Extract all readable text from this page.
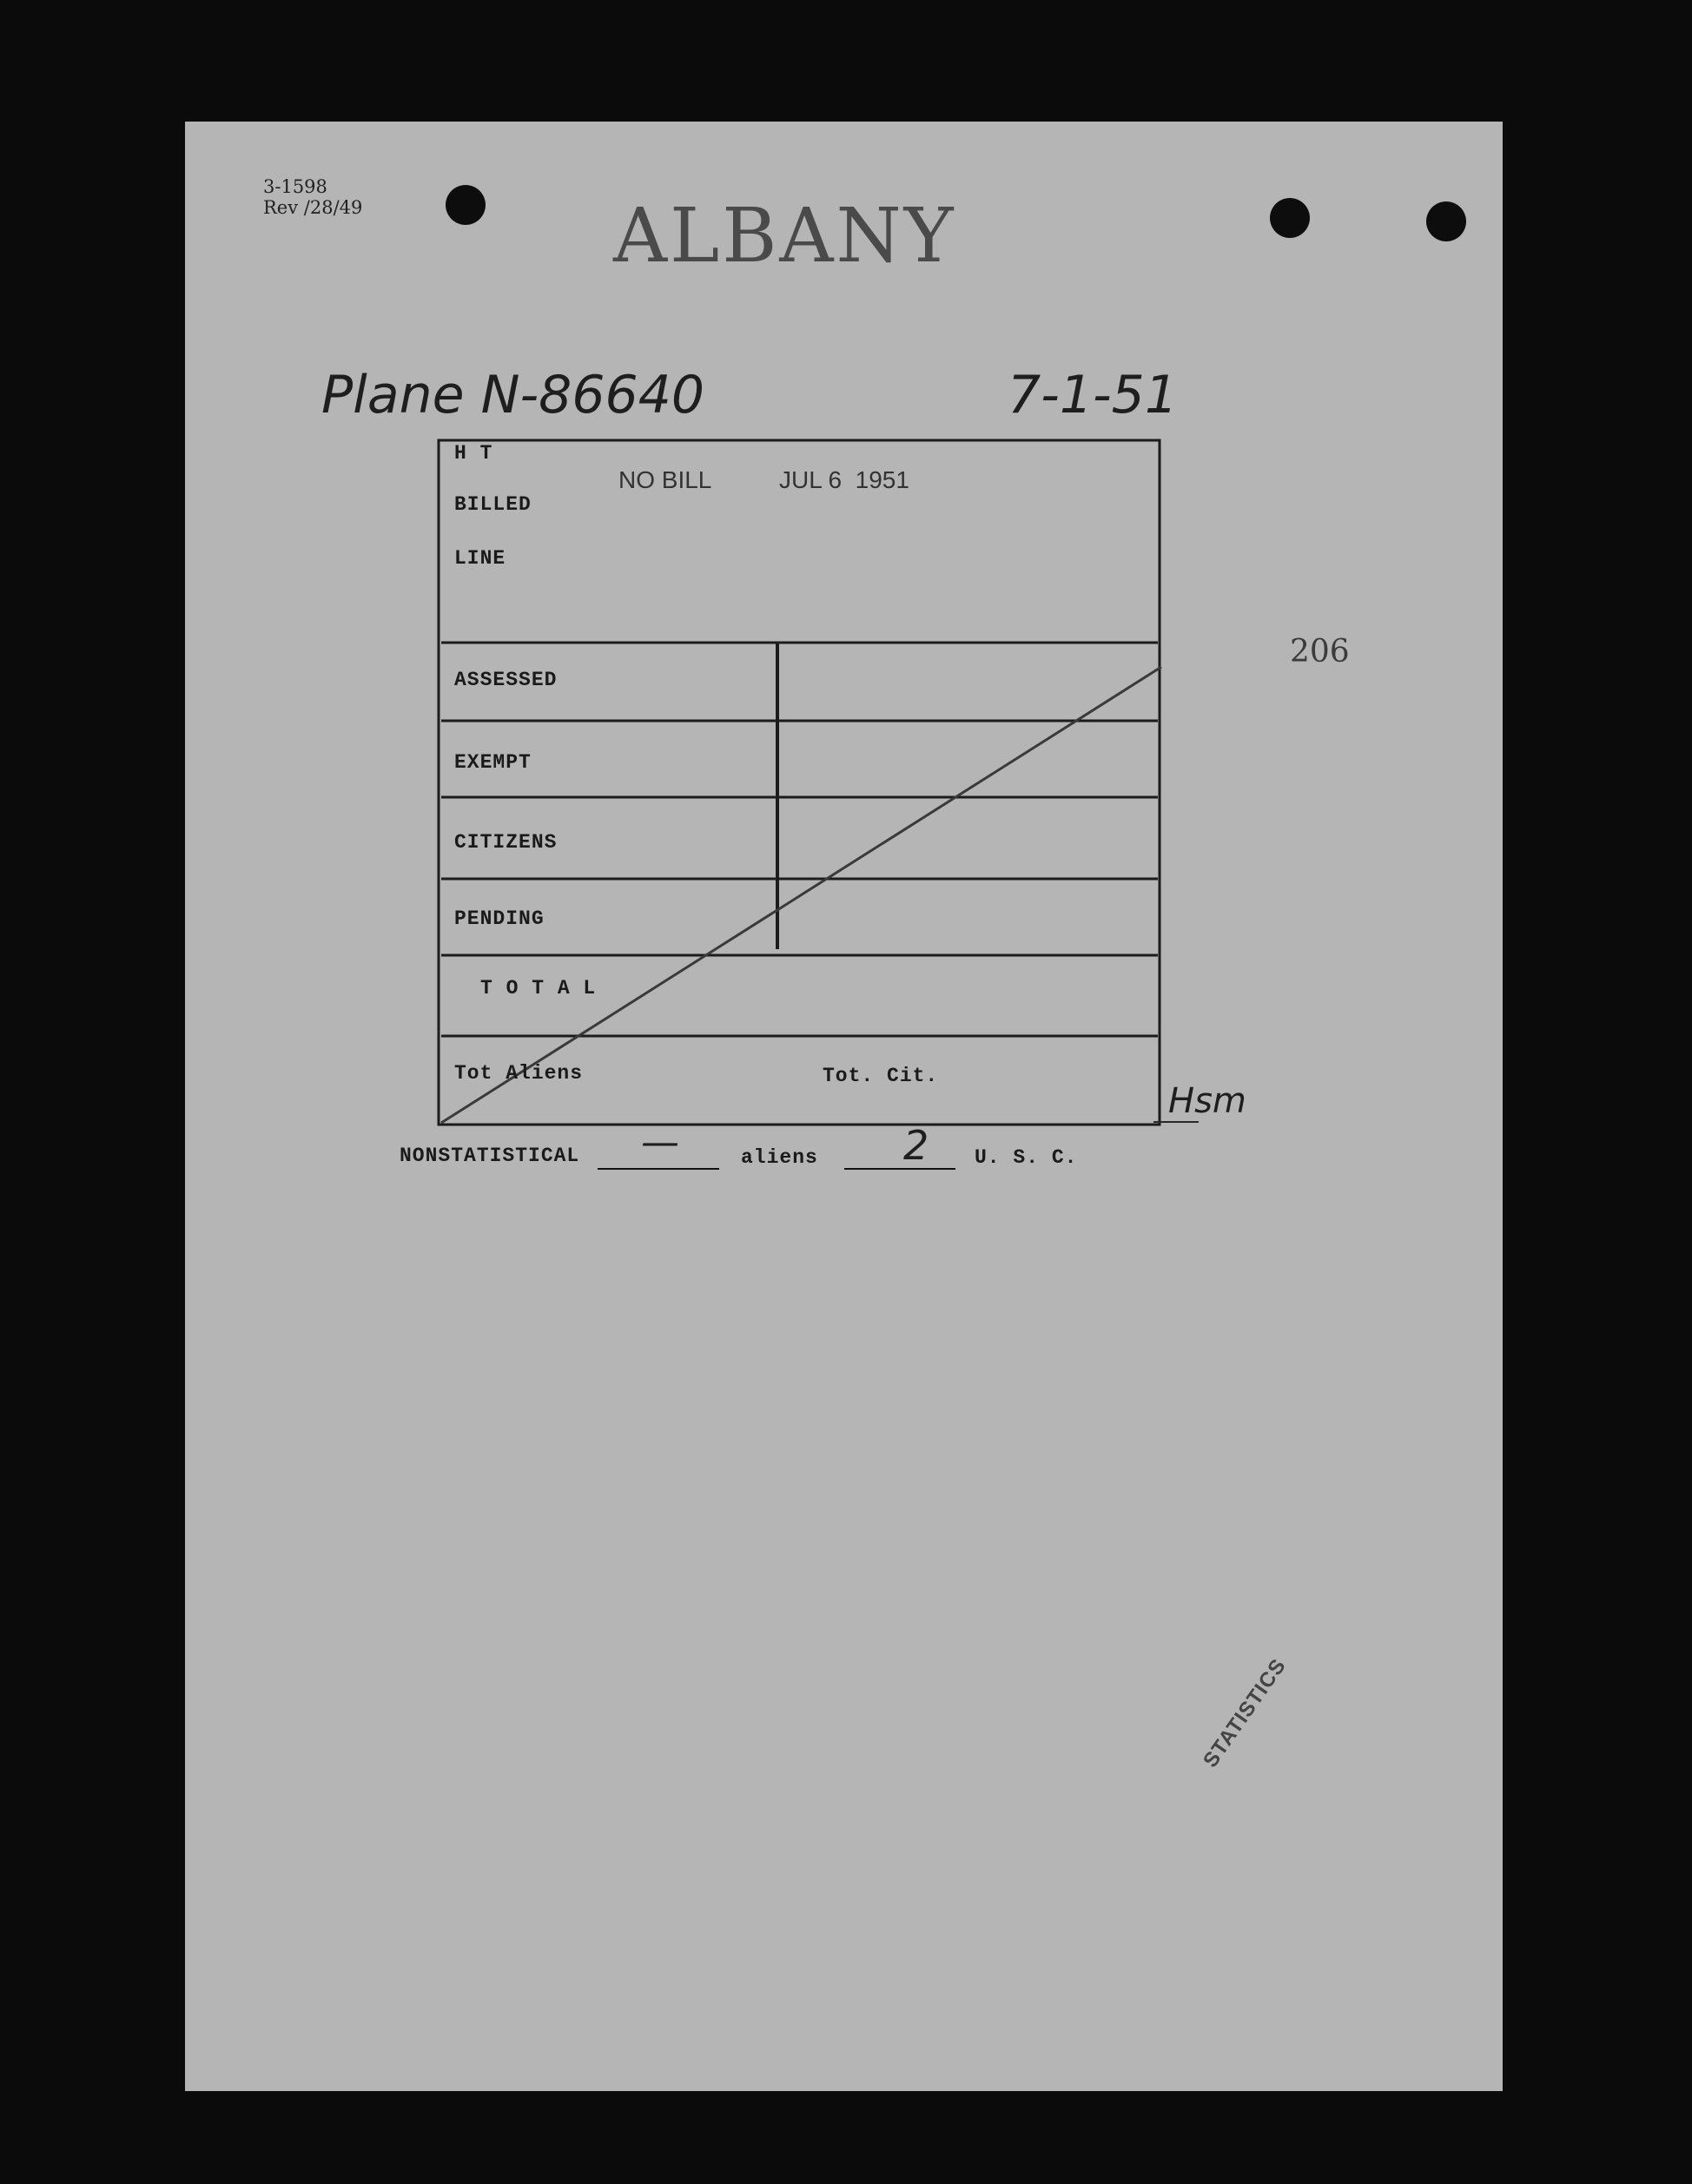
3-1598
Rev /28/49	ALBANY
Plane N-86640	7-1-51
H T
BILLED
LINE
NO BILL	JUL 6  1951
ASSESSED
EXEMPT
CITIZENS
PENDING
T O T A L
Tot Aliens	Tot. Cit.
206
Hsm
NONSTATISTICAL —	aliens 2 U. S. C.
STATISTICS
